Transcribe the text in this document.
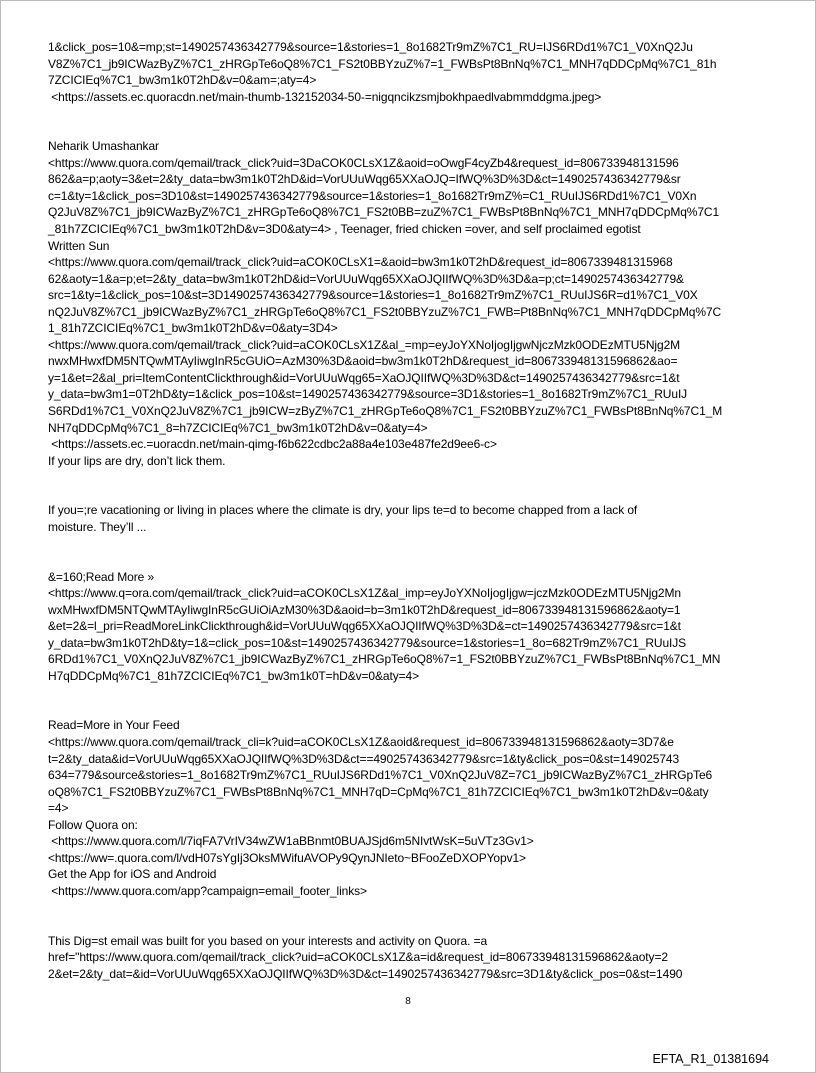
1&click_pos=10&=mp;st=1490257436342779&source=1&stories=1_8o1682Tr9mZ%7C1_RU=IJS6RDd1%7C1_V0XnQ2Ju
V8Z%7C1_jb9ICWazByZ%7C1_zHRGpTe6oQ8%7C1_FS2t0BBYzuZ%7=1_FWBsPt8BnNq%7C1_MNH7qDDCpMq%7C1_81h
7ZCICIEq%7C1_bw3m1k0T2hD&v=0&am=;aty=4>
<https://assets.ec.quoracdn.net/main-thumb-132152034-50-=nigqncikzsmjbokhpaedlvabmmddgma.jpeg>
Neharik Umashankar
<https://www.quora.com/qemail/track_click?uid=3DaCOK0CLsX1Z&aoid=oOwgF4cyZb4&request_id=806733948131596
862&a=p;aoty=3&et=2&ty_data=bw3m1k0T2hD&id=VorUUuWqg65XXaOJQ=IfWQ%3D%3D&ct=1490257436342779&sr
c=1&ty=1&click_pos=3D10&st=1490257436342779&source=1&stories=1_8o1682Tr9mZ%=C1_RUuIJS6RDd1%7C1_V0Xn
Q2JuV8Z%7C1_jb9ICWazByZ%7C1_zHRGpTe6oQ8%7C1_FS2t0BB=zuZ%7C1_FWBsPt8BnNq%7C1_MNH7qDDCpMq%7C1
_81h7ZCICIEq%7C1_bw3m1k0T2hD&v=3D0&aty=4> , Teenager, fried chicken =over, and self proclaimed egotist
Written Sun
<https://www.quora.com/qemail/track_click?uid=aCOK0CLsX1=&aoid=bw3m1k0T2hD&request_id=8067339481315968
62&aoty=1&a=p;et=2&ty_data=bw3m1k0T2hD&id=VorUUuWqg65XXaOJQIIfWQ%3D%3D&a=p;ct=1490257436342779&
src=1&ty=1&click_pos=10&st=3D1490257436342779&source=1&stories=1_8o1682Tr9mZ%7C1_RUuIJS6R=d1%7C1_V0X
nQ2JuV8Z%7C1_jb9ICWazByZ%7C1_zHRGpTe6oQ8%7C1_FS2t0BBYzuZ%7C1_FWB=Pt8BnNq%7C1_MNH7qDDCpMq%7C
1_81h7ZCICIEq%7C1_bw3m1k0T2hD&v=0&aty=3D4>
<https://www.quora.com/qemail/track_click?uid=aCOK0CLsX1Z&al_=mp=eyJoYXNoIjogIjgwNjczMzk0ODEzMTU5Njg2M
nwxMHwxfDM5NTQwMTAyIiwgInR5cGUiO=AzM30%3D&aoid=bw3m1k0T2hD&request_id=806733948131596862&ao=
y=1&et=2&al_pri=ItemContentClickthrough&id=VorUUuWqg65=XaOJQIIfWQ%3D%3D&ct=1490257436342779&src=1&t
y_data=bw3m1=0T2hD&ty=1&click_pos=10&st=1490257436342779&source=3D1&stories=1_8o1682Tr9mZ%7C1_RUuIJ
S6RDd1%7C1_V0XnQ2JuV8Z%7C1_jb9ICW=zByZ%7C1_zHRGpTe6oQ8%7C1_FS2t0BBYzuZ%7C1_FWBsPt8BnNq%7C1_M
NH7qDDCpMq%7C1_8=h7ZCICIEq%7C1_bw3m1k0T2hD&v=0&aty=4>
<https://assets.ec.=uoracdn.net/main-qimg-f6b622cdbc2a88a4e103e487fe2d9ee6-c>
If your lips are dry, don’t lick them.
If you=;re vacationing or living in places where the climate is dry, your lips te=d to become chapped from a lack of
moisture. They’ll ...
&=160;Read More »
<https://www.q=ora.com/qemail/track_click?uid=aCOK0CLsX1Z&al_imp=eyJoYXNoIjogIjgw=jczMzk0ODEzMTU5Njg2Mn
wxMHwxfDM5NTQwMTAyIiwgInR5cGUiOiAzM30%3D&aoid=b=3m1k0T2hD&request_id=806733948131596862&aoty=1
&et=2&=l_pri=ReadMoreLinkClickthrough&id=VorUUuWqg65XXaOJQIIfWQ%3D%3D&=ct=1490257436342779&src=1&t
y_data=bw3m1k0T2hD&ty=1&=click_pos=10&st=1490257436342779&source=1&stories=1_8o=682Tr9mZ%7C1_RUuIJS
6RDd1%7C1_V0XnQ2JuV8Z%7C1_jb9ICWazByZ%7C1_zHRGpTe6oQ8%7=1_FS2t0BBYzuZ%7C1_FWBsPt8BnNq%7C1_MN
H7qDDCpMq%7C1_81h7ZCICIEq%7C1_bw3m1k0T=hD&v=0&aty=4>
Read=More in Your Feed
<https://www.quora.com/qemail/track_cli=k?uid=aCOK0CLsX1Z&aoid&request_id=806733948131596862&aoty=3D7&e
t=2&ty_data&id=VorUUuWqg65XXaOJQIIfWQ%3D%3D&ct==490257436342779&src=1&ty&click_pos=0&st=149025743
634=779&source&stories=1_8o1682Tr9mZ%7C1_RUuIJS6RDd1%7C1_V0XnQ2JuV8Z=7C1_jb9ICWazByZ%7C1_zHRGpTe6
oQ8%7C1_FS2t0BBYzuZ%7C1_FWBsPt8BnNq%7C1_MNH7qD=CpMq%7C1_81h7ZCICIEq%7C1_bw3m1k0T2hD&v=0&aty
=4>
Follow Quora on:
<https://www.quora.com/l/7iqFA7VrIV34wZW1aBBnmt0BUAJSjd6m5NIvtWsK=5uVTz3Gv1>
<https://ww=.quora.com/l/vdH07sYgIj3OksMWifuAVOPy9QynJNIeto~BFooZeDXOPYopv1>
Get the App for iOS and Android
<https://www.quora.com/app?campaign=email_footer_links>
This Dig=st email was built for you based on your interests and activity on Quora. =a
href="https://www.quora.com/qemail/track_click?uid=aCOK0CLsX1Z&a=id&request_id=806733948131596862&aoty=2
2&et=2&ty_dat=&id=VorUUuWqg65XXaOJQIIfWQ%3D%3D&ct=1490257436342779&src=3D1&ty&click_pos=0&st=1490
8
EFTA_R1_01381694
